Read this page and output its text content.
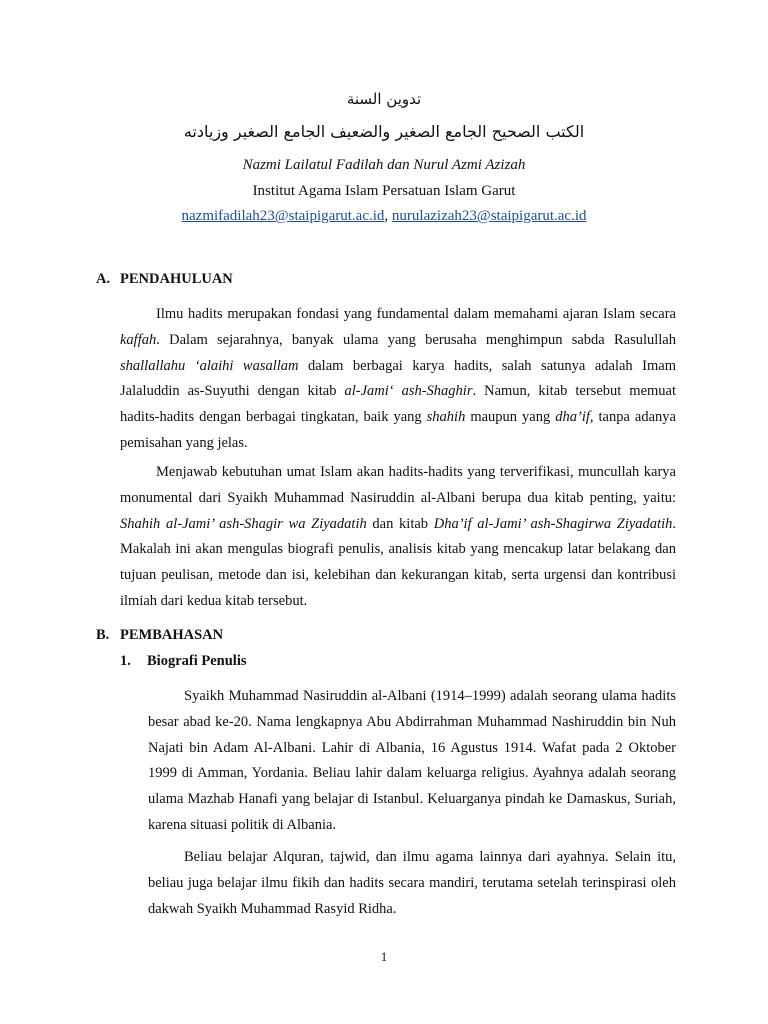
تدوين السنة
الكتب الصحيح الجامع الصغير والضعيف الجامع الصغير وزيادته
Nazmi Lailatul Fadilah dan Nurul Azmi Azizah
Institut Agama Islam Persatuan Islam Garut
nazmifadilah23@staipigarut.ac.id, nurulazizah23@staipigarut.ac.id
A. PENDAHULUAN

Ilmu hadits merupakan fondasi yang fundamental dalam memahami ajaran Islam secara kaffah. Dalam sejarahnya, banyak ulama yang berusaha menghimpun sabda Rasulullah shallallahu ‘alaihi wasallam dalam berbagai karya hadits, salah satunya adalah Imam Jalaluddin as-Suyuthi dengan kitab al-Jami‘ ash-Shaghir. Namun, kitab tersebut memuat hadits-hadits dengan berbagai tingkatan, baik yang shahih maupun yang dha’if, tanpa adanya pemisahan yang jelas.

Menjawab kebutuhan umat Islam akan hadits-hadits yang terverifikasi, muncullah karya monumental dari Syaikh Muhammad Nasiruddin al-Albani berupa dua kitab penting, yaitu: Shahih al-Jami’ ash-Shagir wa Ziyadatih dan kitab Dha’if al-Jami’ ash-Shagirwa Ziyadatih. Makalah ini akan mengulas biografi penulis, analisis kitab yang mencakup latar belakang dan tujuan peulisan, metode dan isi, kelebihan dan kekurangan kitab, serta urgensi dan kontribusi ilmiah dari kedua kitab tersebut.

B. PEMBAHASAN
1. Biografi Penulis

Syaikh Muhammad Nasiruddin al-Albani (1914–1999) adalah seorang ulama hadits besar abad ke-20. Nama lengkapnya Abu Abdirrahman Muhammad Nashiruddin bin Nuh Najati bin Adam Al-Albani. Lahir di Albania, 16 Agustus 1914. Wafat pada 2 Oktober 1999 di Amman, Yordania. Beliau lahir dalam keluarga religius. Ayahnya adalah seorang ulama Mazhab Hanafi yang belajar di Istanbul. Keluarganya pindah ke Damaskus, Suriah, karena situasi politik di Albania.

Beliau belajar Alquran, tajwid, dan ilmu agama lainnya dari ayahnya. Selain itu, beliau juga belajar ilmu fikih dan hadits secara mandiri, terutama setelah terinspirasi oleh dakwah Syaikh Muhammad Rasyid Ridha.

1
